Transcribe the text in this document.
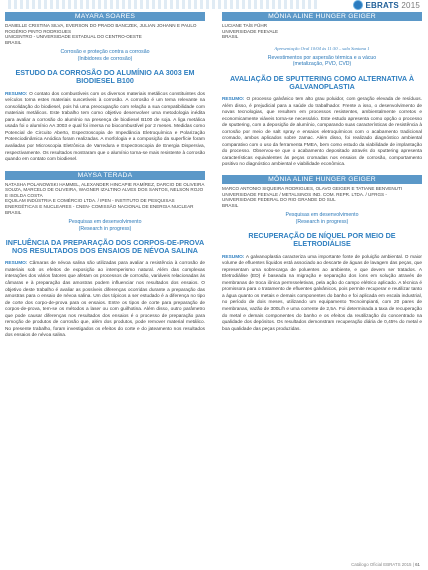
EBRATS 2015
MAYARA SOARES
DANIELLE CRISTINA SILVA, EVERSON DO PRADO BANCZEK, JULIAN JOHANN E PAULO ROGÉRIO PINTO RODRIGUES
UNICENTRO - UNIVERSIDADE ESTADUAL DO CENTRO-OESTE
BRASIL
Corrosão e proteção contra a corrosão
(Inibidores de corrosão)
ESTUDO DA CORROSÃO DO ALUMÍNIO AA 3003 EM BIODIESEL B100
RESUMO: O contato dos combustíveis com os diversos materiais metálicos constituintes dos veículos torna estes materiais suscetíveis à corrosão. A corrosão é um tema relevante na consolidação do biodiesel, pois há uma preocupação com relação a sua compatibilidade com materiais metálicos. Este trabalho tem como objetivo desenvolver uma metodologia inédita para avaliar a corrosão do alumínio na presença de biodiesel B100 de soja. A liga metálica usada foi o alumínio AA 3003 e qual foi imersa no biocombustível por 2 meses. Medidas como Potencial de Circuito Aberto, Espectroscopia de Impedância Eletroquímica e Polarização Potenciodinâmica Anódica foram realizadas. A morfologia e a composição da superfície foram avaliadas por Microscopia Eletrônica de Varredura e Espectroscopia de Energia Dispersiva, respectivamente. Os resultados mostraram que o alumínio torna-se mais resistente à corrosão quando em contato com biodiesel.
MAYSA TERADA
NATASHA POLANOWSKI HAMMEL, ALEXANDER HINCAPIE RAMÍREZ, DARCIO DE OLIVEIRA SOUZA, MARCELO DE OLIVEIRA, WAGNER IZALTINO ALVES DOS SANTOS, NELSON ROJO E ISOLDA COSTA
EQUILAM INDÚSTRIA E COMÉRCIO LTDA. / IPEN - INSTITUTO DE PESQUISAS ENERGÉTICAS E NUCLEARES - CNEN- COMISSÃO NACIONAL DE ENERGIA NUCLEAR
BRASIL
Pesquisas em desenvolvimento
(Research in progress)
INFLUÊNCIA DA PREPARAÇÃO DOS CORPOS-DE-PROVA NOS RESULTADOS DOS ENSAIOS DE NÉVOA SALINA
RESUMO: Câmaras de névoa salina são utilizadas para avaliar a resistência à corrosão de materiais sob os efeitos de exposição ao intemperismo natural. Além das complexas interações dos vários fatores que afetam os processos de corrosão, variáveis relacionadas às câmaras e à preparação das amostras podem influenciar nos resultados dos ensaios. O objetivo deste trabalho é avaliar as possíveis diferenças ocorridas durante a preparação das amostras para o ensaio de névoa salina. Um dos tópicos a ser estudado é a diferença no tipo de corte dos corpo-de-prova para os ensaios. Entre os tipos de corte para preparação de corpos-de-prova, tem-se os métodos a laser ou com guilhotina. Além disso, outro parâmetro que pode causar diferenças nos resultados dos ensaios é o processo de preparação para remoção de produtos de corrosão que, além dos produtos, pode remover material metálico. No presente trabalho, foram investigados os efeitos do corte e do jateamento nos resultados dos ensaios de névoa salina.
MÔNIA ALINE HUNGER GEIGER
LUCIANE TAÍS FÜHR
UNIVERSIDADE FEEVALE
BRASIL
Apresentação Oral 10/04 às 11:50 – sala Santana 1
Revestimentos por aspersão térmica e a vácuo
(metalização, PVD, CVD)
AVALIAÇÃO DE SPUTTERING COMO ALTERNATIVA À GALVANOPLASTIA
RESUMO: O processo galvânico tem alto grau poluidor, com geração elevada de resíduos. Além disso, é prejudicial para a saúde do trabalhador. Frente a isso, o desenvolvimento de novas tecnologias, que resultem em processos resistentes, ambientalmente corretos e economicamente viáveis torna-se necessário. Este estudo apresenta como opção o processo de sputtering, com a deposição de alumínio, comparando suas características de resistência à corrosão por meio de salt spray e ensaios eletroquímicos com o acabamento tradicional cromado, ambos aplicados sobre zamac. Além disso, foi realizado diagnóstico ambiental comparativo com o uso da ferramenta FMEA, bem como estudo da viabilidade de implantação do processo. Observou-se que o acabamento depositado através do sputtering apresenta características equivalentes às peças cromadas nos ensaios de corrosão, comportamento positivo no diagnóstico ambiental e viabilidade econômica.
MÔNIA ALINE HUNGER GEIGER
MARCO ANTONIO SIQUEIRA RODRIGUES, OLAVO GEIGER E TATIANE BENVENUTI
UNIVERSIDADE FEEVALE / METALSINOS IND. COM. REPR. LTDA. / UFRGS - UNIVERSIDADE FEDERAL DO RIO GRANDE DO SUL
BRASIL
Pesquisas em desenvolvimento
(Research in progress)
RECUPERAÇÃO DE NÍQUEL POR MEIO DE ELETRODIÁLISE
RESUMO: A galvanoplastia caracteriza uma importante fonte de poluição ambiental. O maior volume de efluentes líquidos está associado ao descarte de águas de lavagem das peças, que representam uma sobrecarga de poluentes ao ambiente, e que devem ser tratados. A Eletrodiálise (ED) é baseada na migração e separação dos íons em solução através de membranas de troca iônica permsseletivas, pela ação do campo elétrico aplicado. A técnica é promissora para o tratamento de efluentes galvânicos, pois permite recuperar e reutilizar tanto a água quanto os metais e demais componentes do banho e foi aplicada em escala industrial, no período de dois meses, utilizando um equipamento Tecnoimpianti, com 20 pares de membranas, vazão de 300L/h e uma corrente de 2,5A. Foi determinada a taxa de recuperação do metal e demais componentes do banho e os efeitos da reutilização do concentrado na qualidade dos depósitos. Os resultados demonstram recuperação diária de 0,45% do metal e boa qualidade das peças produzidas.
Catálogo Oficial EBRATS 2015 | 61
